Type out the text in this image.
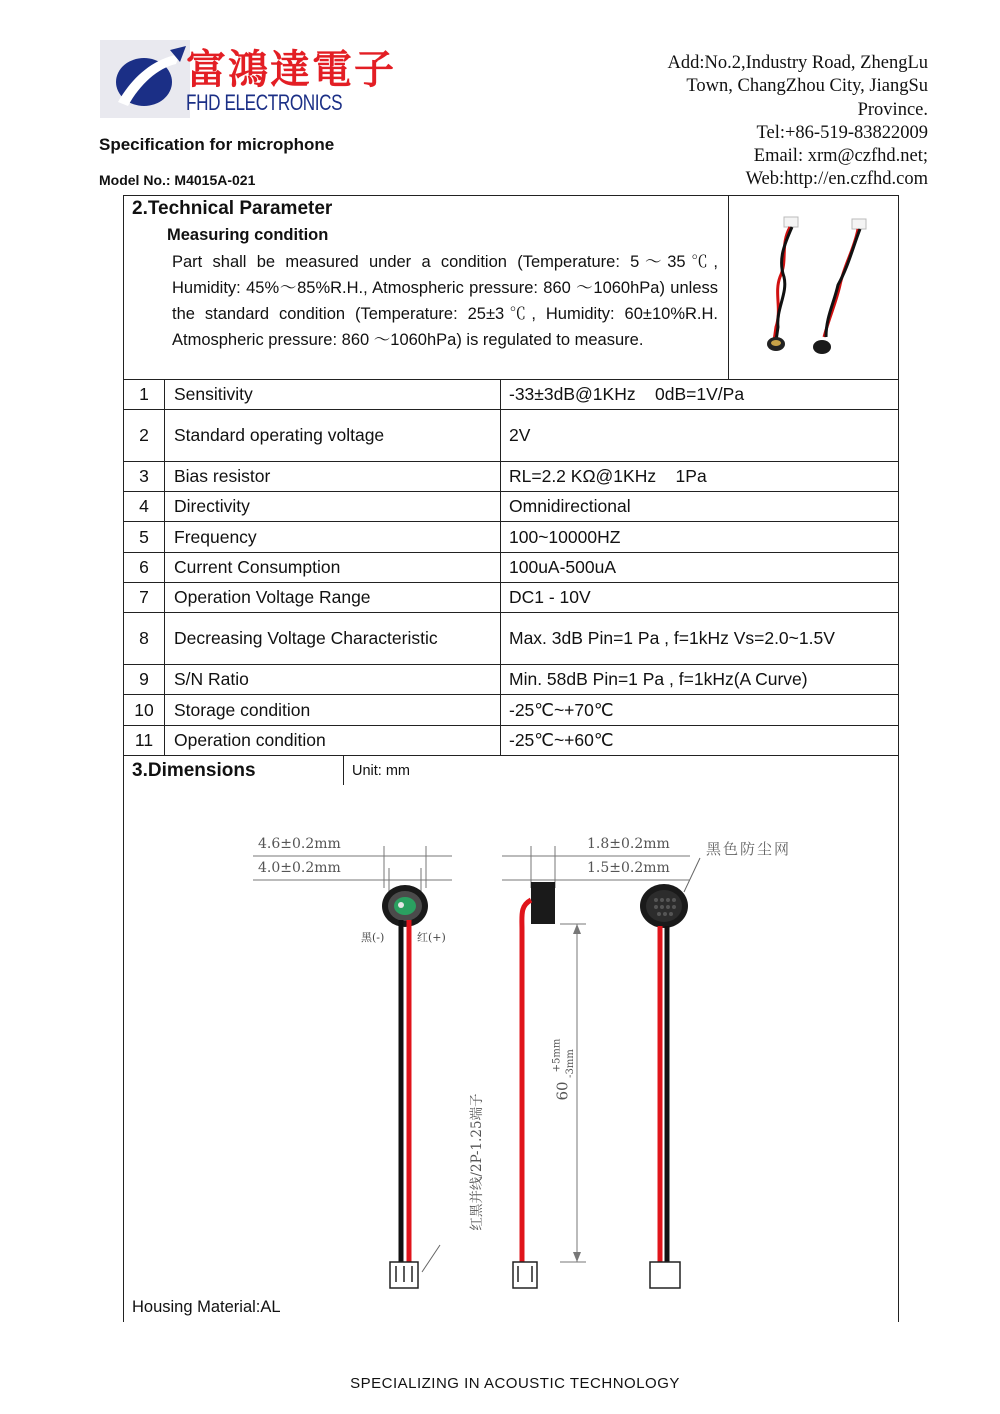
富鴻達電子
FHD ELECTRONICS
Specification for microphone
Model No.: M4015A-021
Add:No.2,Industry Road, ZhengLu
Town, ChangZhou City, JiangSu
Province.
Tel:+86-519-83822009
Email: xrm@czfhd.net;
Web:http://en.czfhd.com
2.Technical Parameter
Measuring condition
Part shall be measured under a condition (Temperature: 5～35℃, Humidity: 45%～85%R.H., Atmospheric pressure: 860 ～1060hPa) unless the standard condition (Temperature: 25±3℃, Humidity: 60±10%R.H. Atmospheric pressure: 860 ～1060hPa) is regulated to measure.
1	Sensitivity	-33±3dB@1KHz    0dB=1V/Pa
2	Standard operating voltage	2V
3	Bias resistor	RL=2.2 KΩ@1KHz    1Pa
4	Directivity	Omnidirectional
5	Frequency	100~10000HZ
6	Current Consumption	100uA-500uA
7	Operation Voltage Range	DC1 - 10V
8	Decreasing Voltage Characteristic	Max. 3dB Pin=1 Pa , f=1kHz Vs=2.0~1.5V
9	S/N Ratio	Min. 58dB Pin=1 Pa , f=1kHz(A Curve)
10	Storage condition	-25℃~+70℃
11	Operation condition	-25℃~+60℃
3.Dimensions	Unit: mm
4.6±0.2mm
4.0±0.2mm
1.8±0.2mm
1.5±0.2mm
黑色防尘网
黑(-)	红(+)
红黑并线/2P-1.25端子
60
+5mm -3mm
Housing Material:AL
SPECIALIZING IN ACOUSTIC TECHNOLOGY
